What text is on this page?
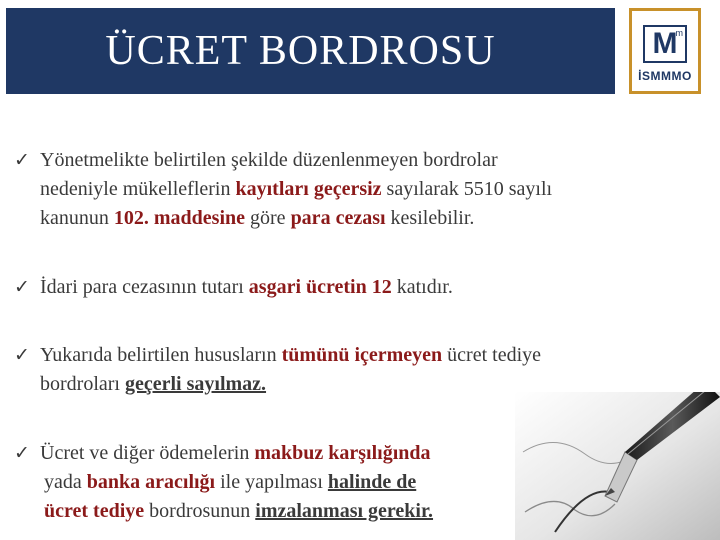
ÜCRET BORDROSU	M
m
İSMMMO
✓ Yönetmelikte belirtilen şekilde düzenlenmeyen bordrolar
nedeniyle mükelleflerin kayıtları geçersiz sayılarak 5510 sayılı
kanunun 102. maddesine göre para cezası kesilebilir.
✓ İdari para cezasının tutarı asgari ücretin 12 katıdır.
✓ Yukarıda belirtilen hususların tümünü içermeyen ücret tediye
bordroları geçerli sayılmaz.
✓ Ücret ve diğer ödemelerin makbuz karşılığında
yada banka aracılığı ile yapılması halinde de
ücret tediye bordrosunun imzalanması gerekir.
